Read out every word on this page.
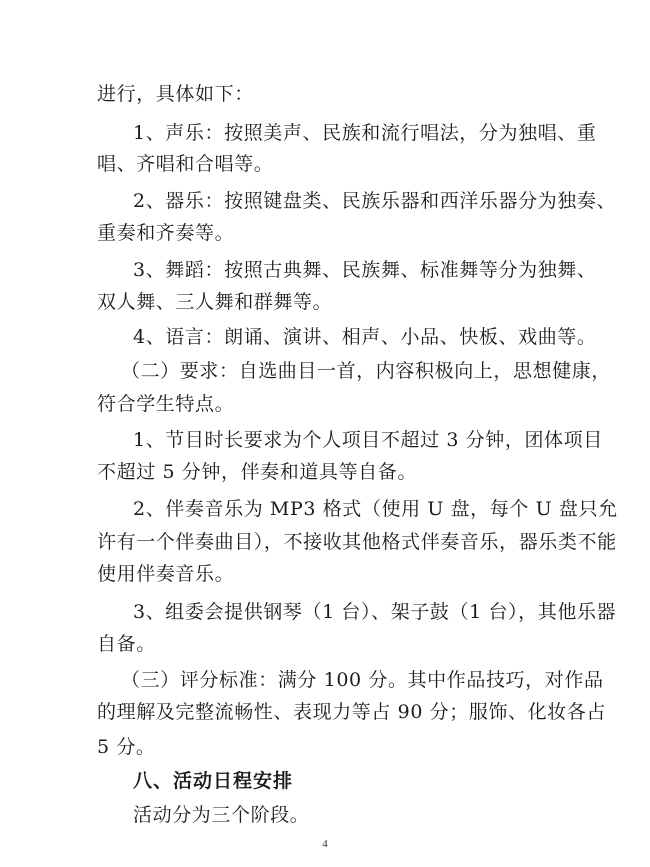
进行，具体如下：
1、声乐：按照美声、民族和流行唱法，分为独唱、重
唱、齐唱和合唱等。
2、器乐：按照键盘类、民族乐器和西洋乐器分为独奏、
重奏和齐奏等。
3、舞蹈：按照古典舞、民族舞、标准舞等分为独舞、
双人舞、三人舞和群舞等。
4、语言：朗诵、演讲、相声、小品、快板、戏曲等。
（二）要求：自选曲目一首，内容积极向上，思想健康，
符合学生特点。
1、节目时长要求为个人项目不超过 3 分钟，团体项目
不超过 5 分钟，伴奏和道具等自备。
2、伴奏音乐为 MP3 格式（使用 U 盘，每个 U 盘只允
许有一个伴奏曲目），不接收其他格式伴奏音乐，器乐类不能
使用伴奏音乐。
3、组委会提供钢琴（1 台）、架子鼓（1 台），其他乐器
自备。
（三）评分标准：满分 100 分。其中作品技巧，对作品
的理解及完整流畅性、表现力等占 90 分；服饰、化妆各占
5 分。
八、活动日程安排
活动分为三个阶段。
4
